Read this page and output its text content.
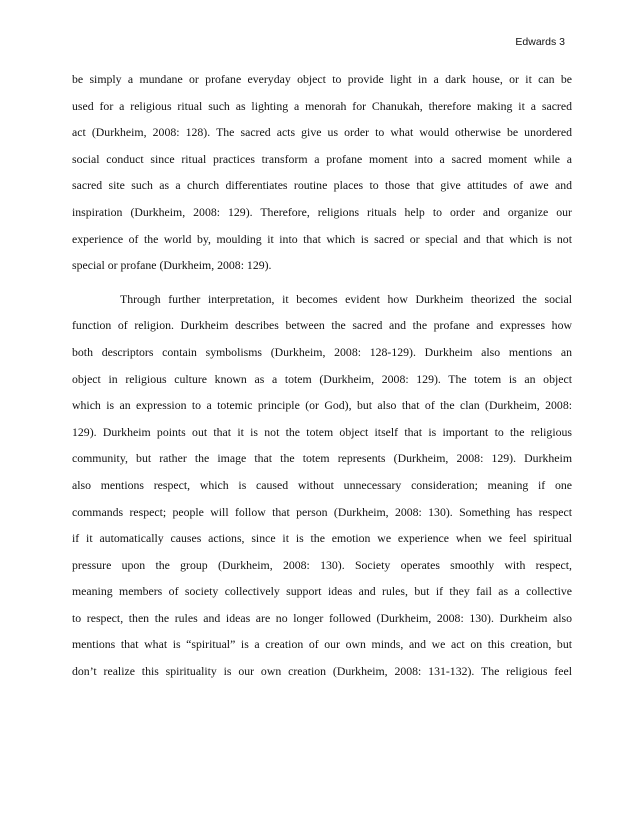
Edwards 3
be simply a mundane or profane everyday object to provide light in a dark house, or it can be
used for a religious ritual such as lighting a menorah for Chanukah, therefore making it a sacred
act (Durkheim, 2008: 128). The sacred acts give us order to what would otherwise be unordered
social conduct since ritual practices transform a profane moment into a sacred moment while a
sacred site such as a church differentiates routine places to those that give attitudes of awe and
inspiration (Durkheim, 2008: 129). Therefore, religions rituals help to order and organize our
experience of the world by, moulding it into that which is sacred or special and that which is not
special or profane (Durkheim, 2008: 129).
Through further interpretation, it becomes evident how Durkheim theorized the social
function of religion. Durkheim describes between the sacred and the profane and expresses how
both descriptors contain symbolisms (Durkheim, 2008: 128-129). Durkheim also mentions an
object in religious culture known as a totem (Durkheim, 2008: 129). The totem is an object
which is an expression to a totemic principle (or God), but also that of the clan (Durkheim, 2008:
129). Durkheim points out that it is not the totem object itself that is important to the religious
community, but rather the image that the totem represents (Durkheim, 2008: 129). Durkheim
also mentions respect, which is caused without unnecessary consideration; meaning if one
commands respect; people will follow that person (Durkheim, 2008: 130). Something has respect
if it automatically causes actions, since it is the emotion we experience when we feel spiritual
pressure upon the group (Durkheim, 2008: 130). Society operates smoothly with respect,
meaning members of society collectively support ideas and rules, but if they fail as a collective
to respect, then the rules and ideas are no longer followed (Durkheim, 2008: 130). Durkheim also
mentions that what is “spiritual” is a creation of our own minds, and we act on this creation, but
don’t realize this spirituality is our own creation (Durkheim, 2008: 131-132). The religious feel
